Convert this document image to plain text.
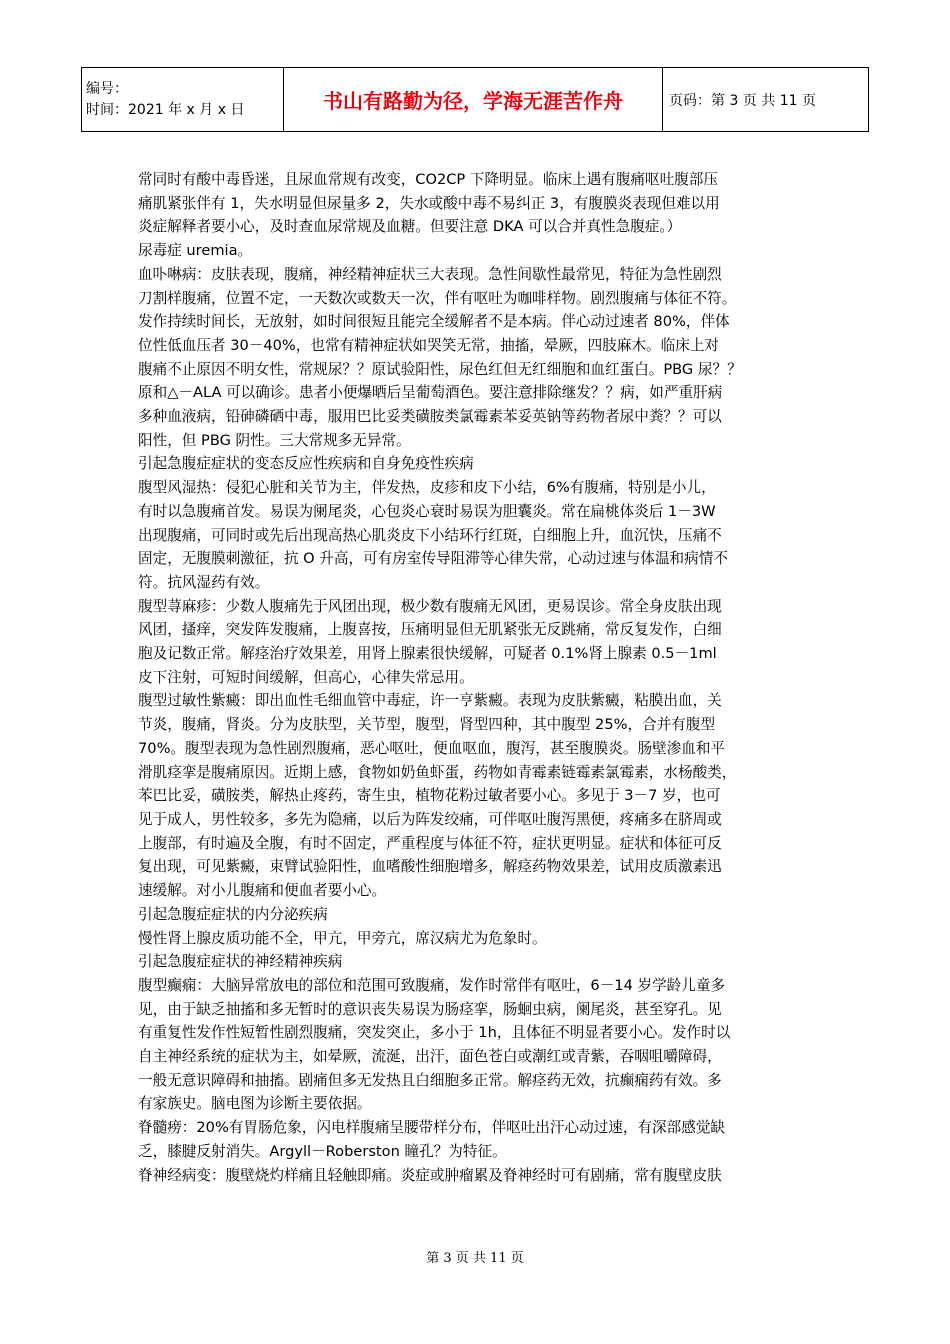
编号：
时间：2021 年 x 月 x 日	书山有路勤为径，学海无涯苦作舟	页码：第 3 页 共 11 页

常同时有酸中毒昏迷，且尿血常规有改变，CO2CP 下降明显。临床上遇有腹痛呕吐腹部压

痛肌紧张伴有 1，失水明显但尿量多 2，失水或酸中毒不易纠正 3，有腹膜炎表现但难以用

炎症解释者要小心，及时查血尿常规及血糖。但要注意 DKA 可以合并真性急腹症。）

尿毒症 uremia。

血卟啉病：皮肤表现，腹痛，神经精神症状三大表现。急性间歇性最常见，特征为急性剧烈

刀割样腹痛，位置不定，一天数次或数天一次，伴有呕吐为咖啡样物。剧烈腹痛与体征不符。

发作持续时间长，无放射，如时间很短且能完全缓解者不是本病。伴心动过速者 80%，伴体

位性低血压者 30－40%，也常有精神症状如哭笑无常，抽搐，晕厥，四肢麻木。临床上对

腹痛不止原因不明女性，常规尿？？原试验阳性，尿色红但无红细胞和血红蛋白。PBG 尿？？

原和△－ALA 可以确诊。患者小便爆晒后呈葡萄酒色。要注意排除继发？？病，如严重肝病

多种血液病，铅砷磷硒中毒，服用巴比妥类磺胺类氯霉素苯妥英钠等药物者尿中粪？？可以

阳性，但 PBG 阴性。三大常规多无异常。

引起急腹症症状的变态反应性疾病和自身免疫性疾病

腹型风湿热：侵犯心脏和关节为主，伴发热，皮疹和皮下小结，6%有腹痛，特别是小儿，

有时以急腹痛首发。易误为阑尾炎，心包炎心衰时易误为胆囊炎。常在扁桃体炎后 1－3W

出现腹痛，可同时或先后出现高热心肌炎皮下小结环行红斑，白细胞上升，血沉快，压痛不

固定，无腹膜刺激征，抗 O 升高，可有房室传导阻滞等心律失常，心动过速与体温和病情不

符。抗风湿药有效。

腹型荨麻疹：少数人腹痛先于风团出现，极少数有腹痛无风团，更易误诊。常全身皮肤出现

风团，搔痒，突发阵发腹痛，上腹喜按，压痛明显但无肌紧张无反跳痛，常反复发作，白细

胞及记数正常。解痉治疗效果差，用肾上腺素很快缓解，可疑者 0.1%肾上腺素 0.5－1ml

皮下注射，可短时间缓解，但高心，心律失常忌用。

腹型过敏性紫癜：即出血性毛细血管中毒症，许一亨紫癜。表现为皮肤紫癜，粘膜出血，关

节炎，腹痛，肾炎。分为皮肤型，关节型，腹型，肾型四种，其中腹型 25%，合并有腹型

70%。腹型表现为急性剧烈腹痛，恶心呕吐，便血呕血，腹泻，甚至腹膜炎。肠壁渗血和平

滑肌痉挛是腹痛原因。近期上感，食物如奶鱼虾蛋，药物如青霉素链霉素氯霉素，水杨酸类，

苯巴比妥，磺胺类，解热止疼药，寄生虫，植物花粉过敏者要小心。多见于 3－7 岁，也可

见于成人，男性较多，多先为隐痛，以后为阵发绞痛，可伴呕吐腹泻黑便，疼痛多在脐周或

上腹部，有时遍及全腹，有时不固定，严重程度与体征不符，症状更明显。症状和体征可反

复出现，可见紫癜，束臂试验阳性，血嗜酸性细胞增多，解痉药物效果差，试用皮质激素迅

速缓解。对小儿腹痛和便血者要小心。

引起急腹症症状的内分泌疾病

慢性肾上腺皮质功能不全，甲亢，甲旁亢，席汉病尤为危象时。

引起急腹症症状的神经精神疾病

腹型癫痫：大脑异常放电的部位和范围可致腹痛，发作时常伴有呕吐，6－14 岁学龄儿童多

见，由于缺乏抽搐和多无暂时的意识丧失易误为肠痉挛，肠蛔虫病，阑尾炎，甚至穿孔。见

有重复性发作性短暂性剧烈腹痛，突发突止，多小于 1h，且体征不明显者要小心。发作时以

自主神经系统的症状为主，如晕厥，流涎，出汗，面色苍白或潮红或青紫，吞咽咀嚼障碍，

一般无意识障碍和抽搐。剧痛但多无发热且白细胞多正常。解痉药无效，抗癫痫药有效。多

有家族史。脑电图为诊断主要依据。

脊髓痨：20%有胃肠危象，闪电样腹痛呈腰带样分布，伴呕吐出汗心动过速，有深部感觉缺

乏，膝腱反射消失。Argyll－Roberston 瞳孔？为特征。

脊神经病变：腹壁烧灼样痛且轻触即痛。炎症或肿瘤累及脊神经时可有剧痛，常有腹壁皮肤

第 3 页 共 11 页
